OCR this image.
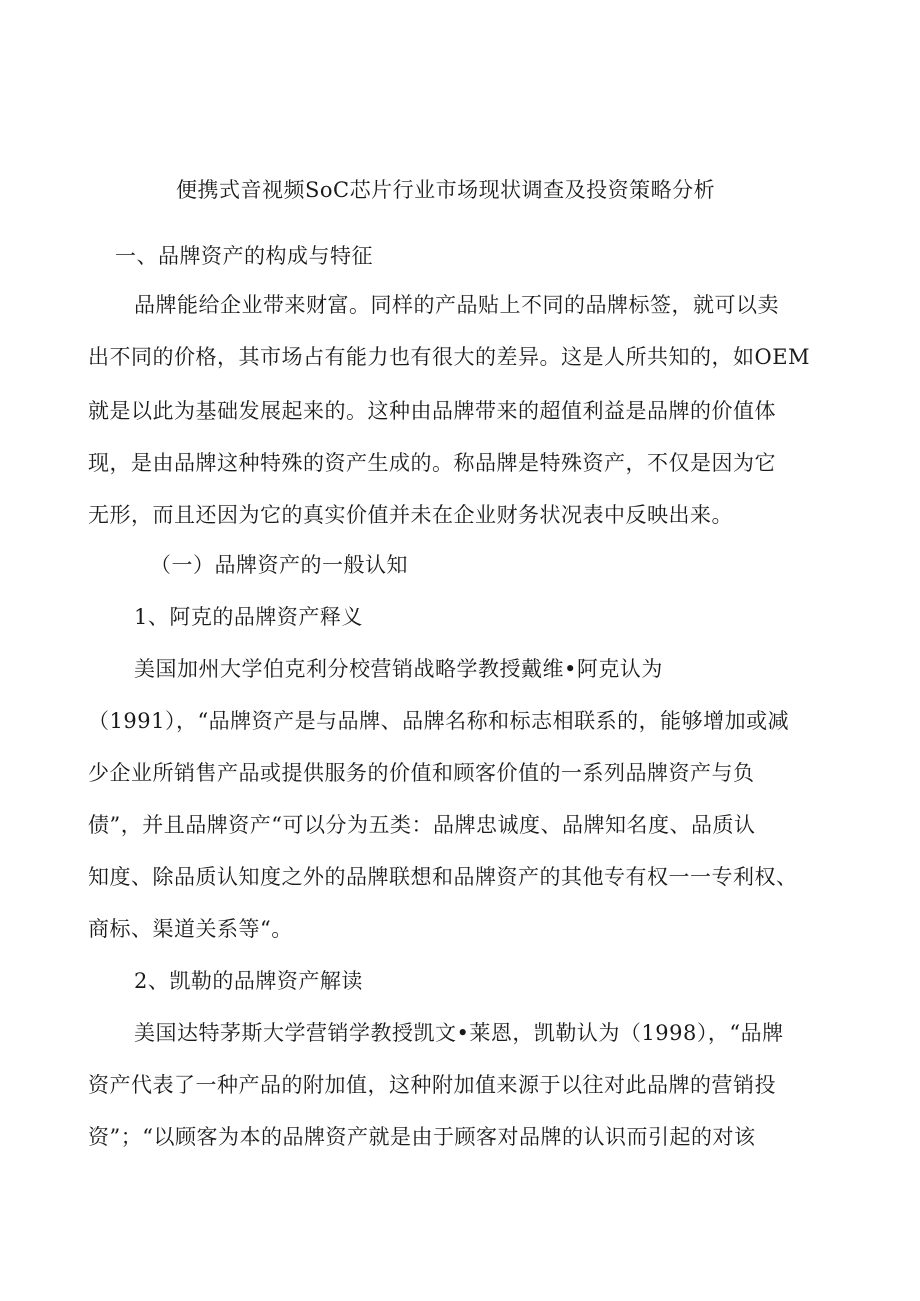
便携式音视频SoC芯片行业市场现状调查及投资策略分析
一、品牌资产的构成与特征
品牌能给企业带来财富。同样的产品贴上不同的品牌标签，就可以卖
出不同的价格，其市场占有能力也有很大的差异。这是人所共知的，如OEM
就是以此为基础发展起来的。这种由品牌带来的超值利益是品牌的价值体
现，是由品牌这种特殊的资产生成的。称品牌是特殊资产，不仅是因为它
无形，而且还因为它的真实价值并未在企业财务状况表中反映出来。
（一）品牌资产的一般认知
1、阿克的品牌资产释义
美国加州大学伯克利分校营销战略学教授戴维•阿克认为
（1991），“品牌资产是与品牌、品牌名称和标志相联系的，能够增加或减
少企业所销售产品或提供服务的价值和顾客价值的一系列品牌资产与负
债”，并且品牌资产“可以分为五类：品牌忠诚度、品牌知名度、品质认
知度、除品质认知度之外的品牌联想和品牌资产的其他专有权一一专利权、
商标、渠道关系等“。
2、凯勒的品牌资产解读
美国达特茅斯大学营销学教授凯文•莱恩，凯勒认为（1998），“品牌
资产代表了一种产品的附加值，这种附加值来源于以往对此品牌的营销投
资”；“以顾客为本的品牌资产就是由于顾客对品牌的认识而引起的对该
